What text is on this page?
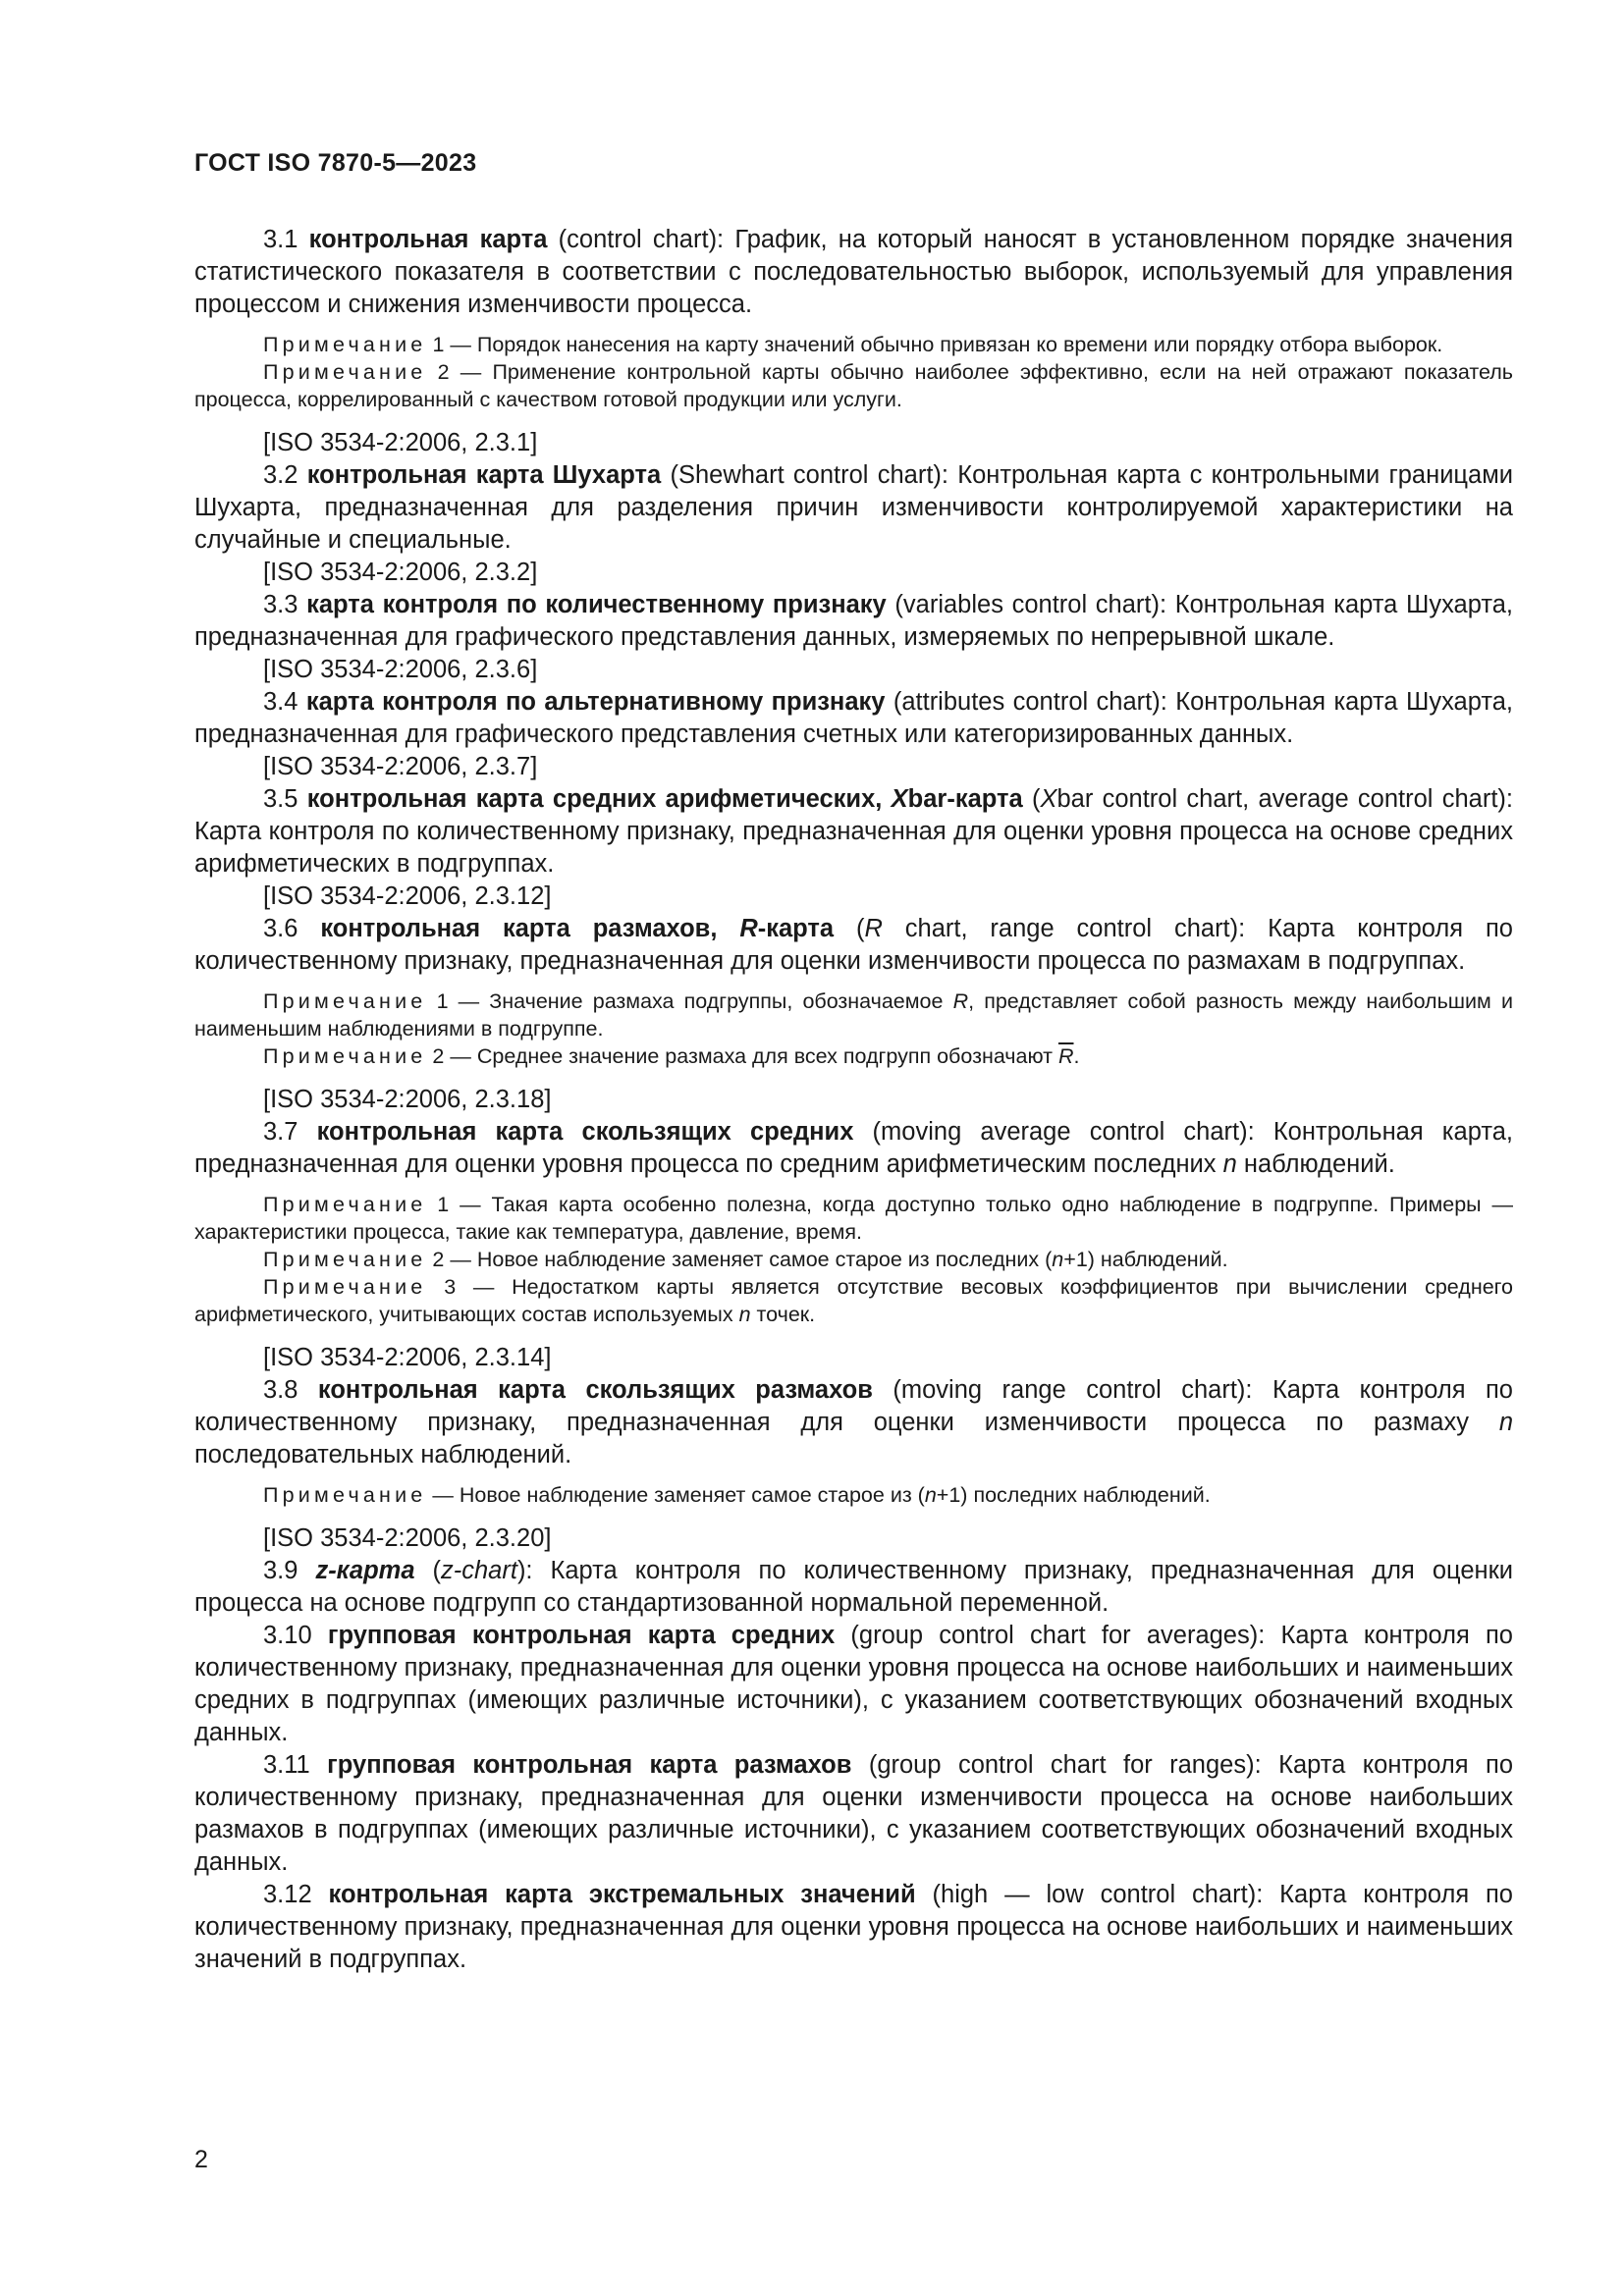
ГОСТ ISO 7870-5—2023

3.1 контрольная карта (control chart): График, на который наносят в установленном порядке значения статистического показателя в соответствии с последовательностью выборок, используемый для управления процессом и снижения изменчивости процесса.

Примечание 1 — Порядок нанесения на карту значений обычно привязан ко времени или порядку отбора выборок.

Примечание 2 — Применение контрольной карты обычно наиболее эффективно, если на ней отражают показатель процесса, коррелированный с качеством готовой продукции или услуги.

[ISO 3534-2:2006, 2.3.1]

3.2 контрольная карта Шухарта (Shewhart control chart): Контрольная карта с контрольными границами Шухарта, предназначенная для разделения причин изменчивости контролируемой характеристики на случайные и специальные.

[ISO 3534-2:2006, 2.3.2]

3.3 карта контроля по количественному признаку (variables control chart): Контрольная карта Шухарта, предназначенная для графического представления данных, измеряемых по непрерывной шкале.

[ISO 3534-2:2006, 2.3.6]

3.4 карта контроля по альтернативному признаку (attributes control chart): Контрольная карта Шухарта, предназначенная для графического представления счетных или категоризированных данных.

[ISO 3534-2:2006, 2.3.7]

3.5 контрольная карта средних арифметических, Xbar-карта (Xbar control chart, average control chart): Карта контроля по количественному признаку, предназначенная для оценки уровня процесса на основе средних арифметических в подгруппах.

[ISO 3534-2:2006, 2.3.12]

3.6 контрольная карта размахов, R-карта (R chart, range control chart): Карта контроля по количественному признаку, предназначенная для оценки изменчивости процесса по размахам в подгруппах.

Примечание 1 — Значение размаха подгруппы, обозначаемое R, представляет собой разность между наибольшим и наименьшим наблюдениями в подгруппе.

Примечание 2 — Среднее значение размаха для всех подгрупп обозначают $\overline{R}$.

[ISO 3534-2:2006, 2.3.18]

3.7 контрольная карта скользящих средних (moving average control chart): Контрольная карта, предназначенная для оценки уровня процесса по средним арифметическим последних n наблюдений.

Примечание 1 — Такая карта особенно полезна, когда доступно только одно наблюдение в подгруппе. Примеры — характеристики процесса, такие как температура, давление, время.

Примечание 2 — Новое наблюдение заменяет самое старое из последних (n+1) наблюдений.

Примечание 3 — Недостатком карты является отсутствие весовых коэффициентов при вычислении среднего арифметического, учитывающих состав используемых n точек.

[ISO 3534-2:2006, 2.3.14]

3.8 контрольная карта скользящих размахов (moving range control chart): Карта контроля по количественному признаку, предназначенная для оценки изменчивости процесса по размаху n последовательных наблюдений.

Примечание — Новое наблюдение заменяет самое старое из (n+1) последних наблюдений.

[ISO 3534-2:2006, 2.3.20]

3.9 z-карта (z-chart): Карта контроля по количественному признаку, предназначенная для оценки процесса на основе подгрупп со стандартизованной нормальной переменной.

3.10 групповая контрольная карта средних (group control chart for averages): Карта контроля по количественному признаку, предназначенная для оценки уровня процесса на основе наибольших и наименьших средних в подгруппах (имеющих различные источники), с указанием соответствующих обозначений входных данных.

3.11 групповая контрольная карта размахов (group control chart for ranges): Карта контроля по количественному признаку, предназначенная для оценки изменчивости процесса на основе наибольших размахов в подгруппах (имеющих различные источники), с указанием соответствующих обозначений входных данных.

3.12 контрольная карта экстремальных значений (high — low control chart): Карта контроля по количественному признаку, предназначенная для оценки уровня процесса на основе наибольших и наименьших значений в подгруппах.

2
